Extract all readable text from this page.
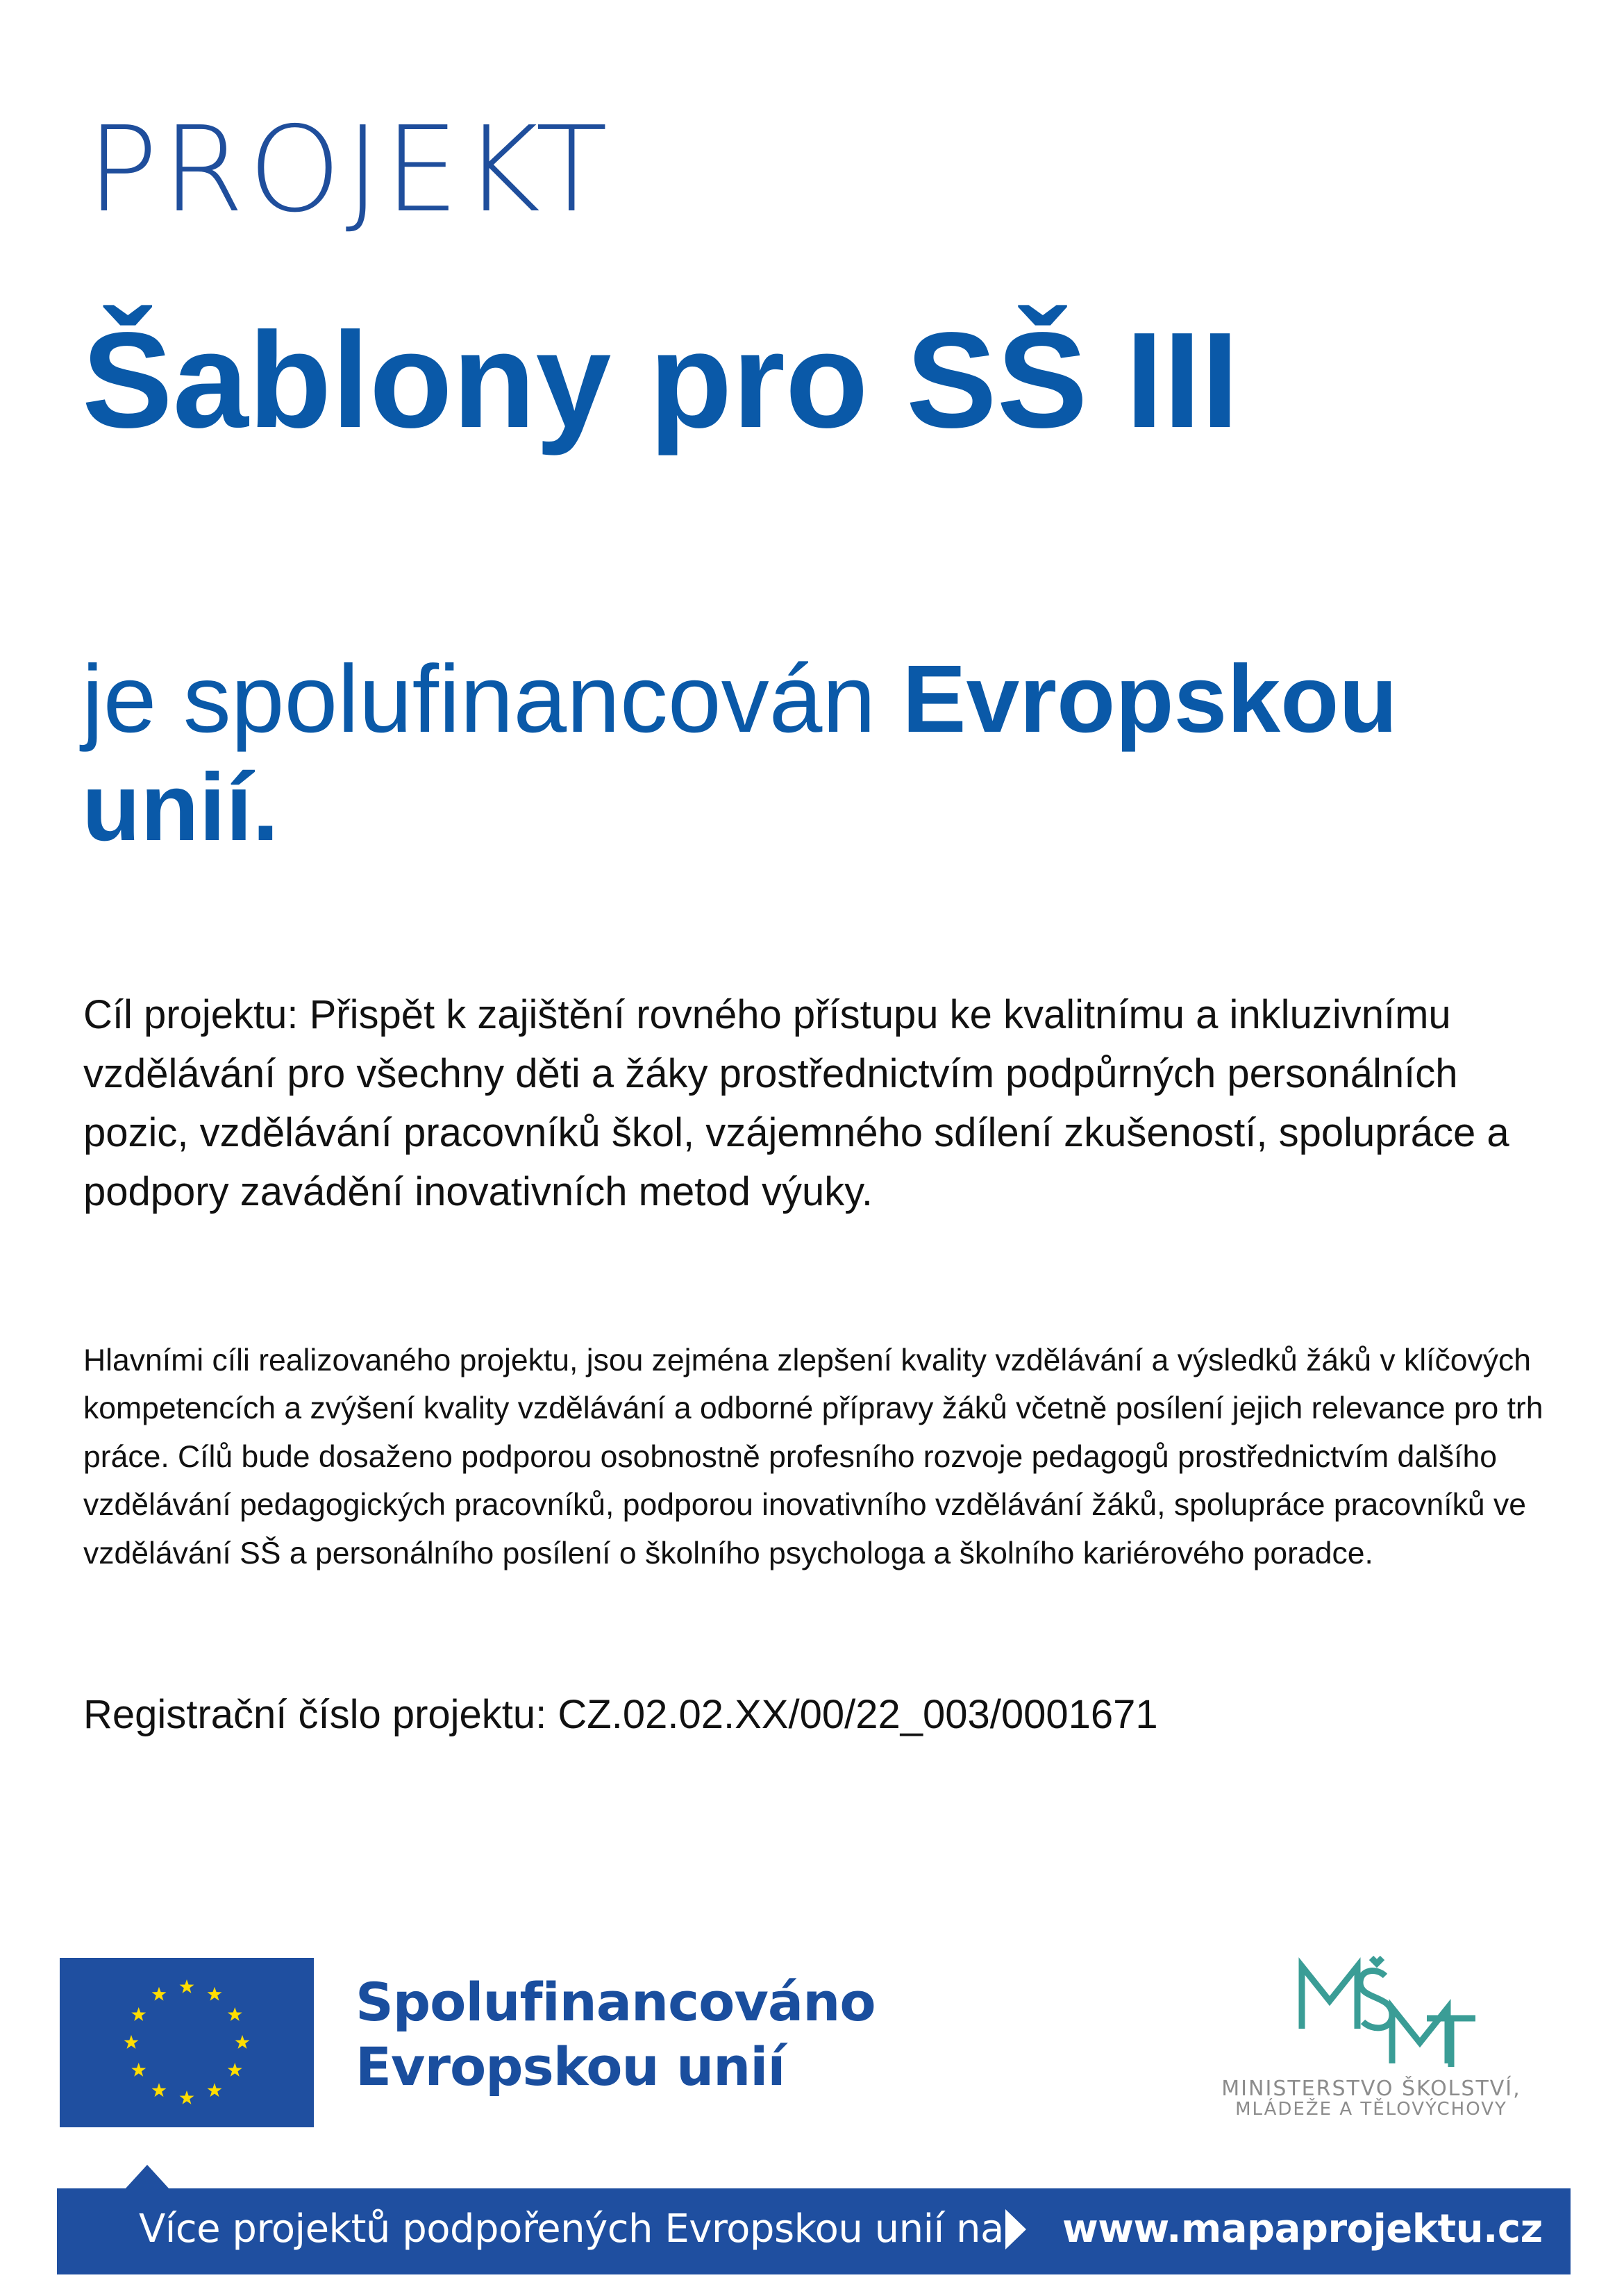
PROJEKT
Šablony pro SŠ III
je spolufinancován Evropskou unií.
Cíl projektu: Přispět k zajištění rovného přístupu ke kvalitnímu a inkluzivnímu vzdělávání pro všechny děti a žáky prostřednictvím podpůrných personálních pozic, vzdělávání pracovníků škol, vzájemného sdílení zkušeností, spolupráce a podpory zavádění inovativních metod výuky.
Hlavními cíli realizovaného projektu, jsou zejména zlepšení kvality vzdělávání a výsledků žáků v klíčových kompetencích a zvýšení kvality vzdělávání a odborné přípravy žáků včetně posílení jejich relevance pro trh práce. Cílů bude dosaženo podporou osobnostně profesního rozvoje pedagogů prostřednictvím dalšího vzdělávání pedagogických pracovníků, podporou inovativního vzdělávání žáků, spolupráce pracovníků ve vzdělávání SŠ a personálního posílení o školního psychologa a školního kariérového poradce.
Registrační číslo projektu: CZ.02.02.XX/00/22_003/0001671
Spolufinancováno
Evropskou unií	MINISTERSTVO ŠKOLSTVÍ,
MLÁDEŽE A TĚLOVÝCHOVY
Více projektů podpořených Evropskou unií na www.mapaprojektu.cz
